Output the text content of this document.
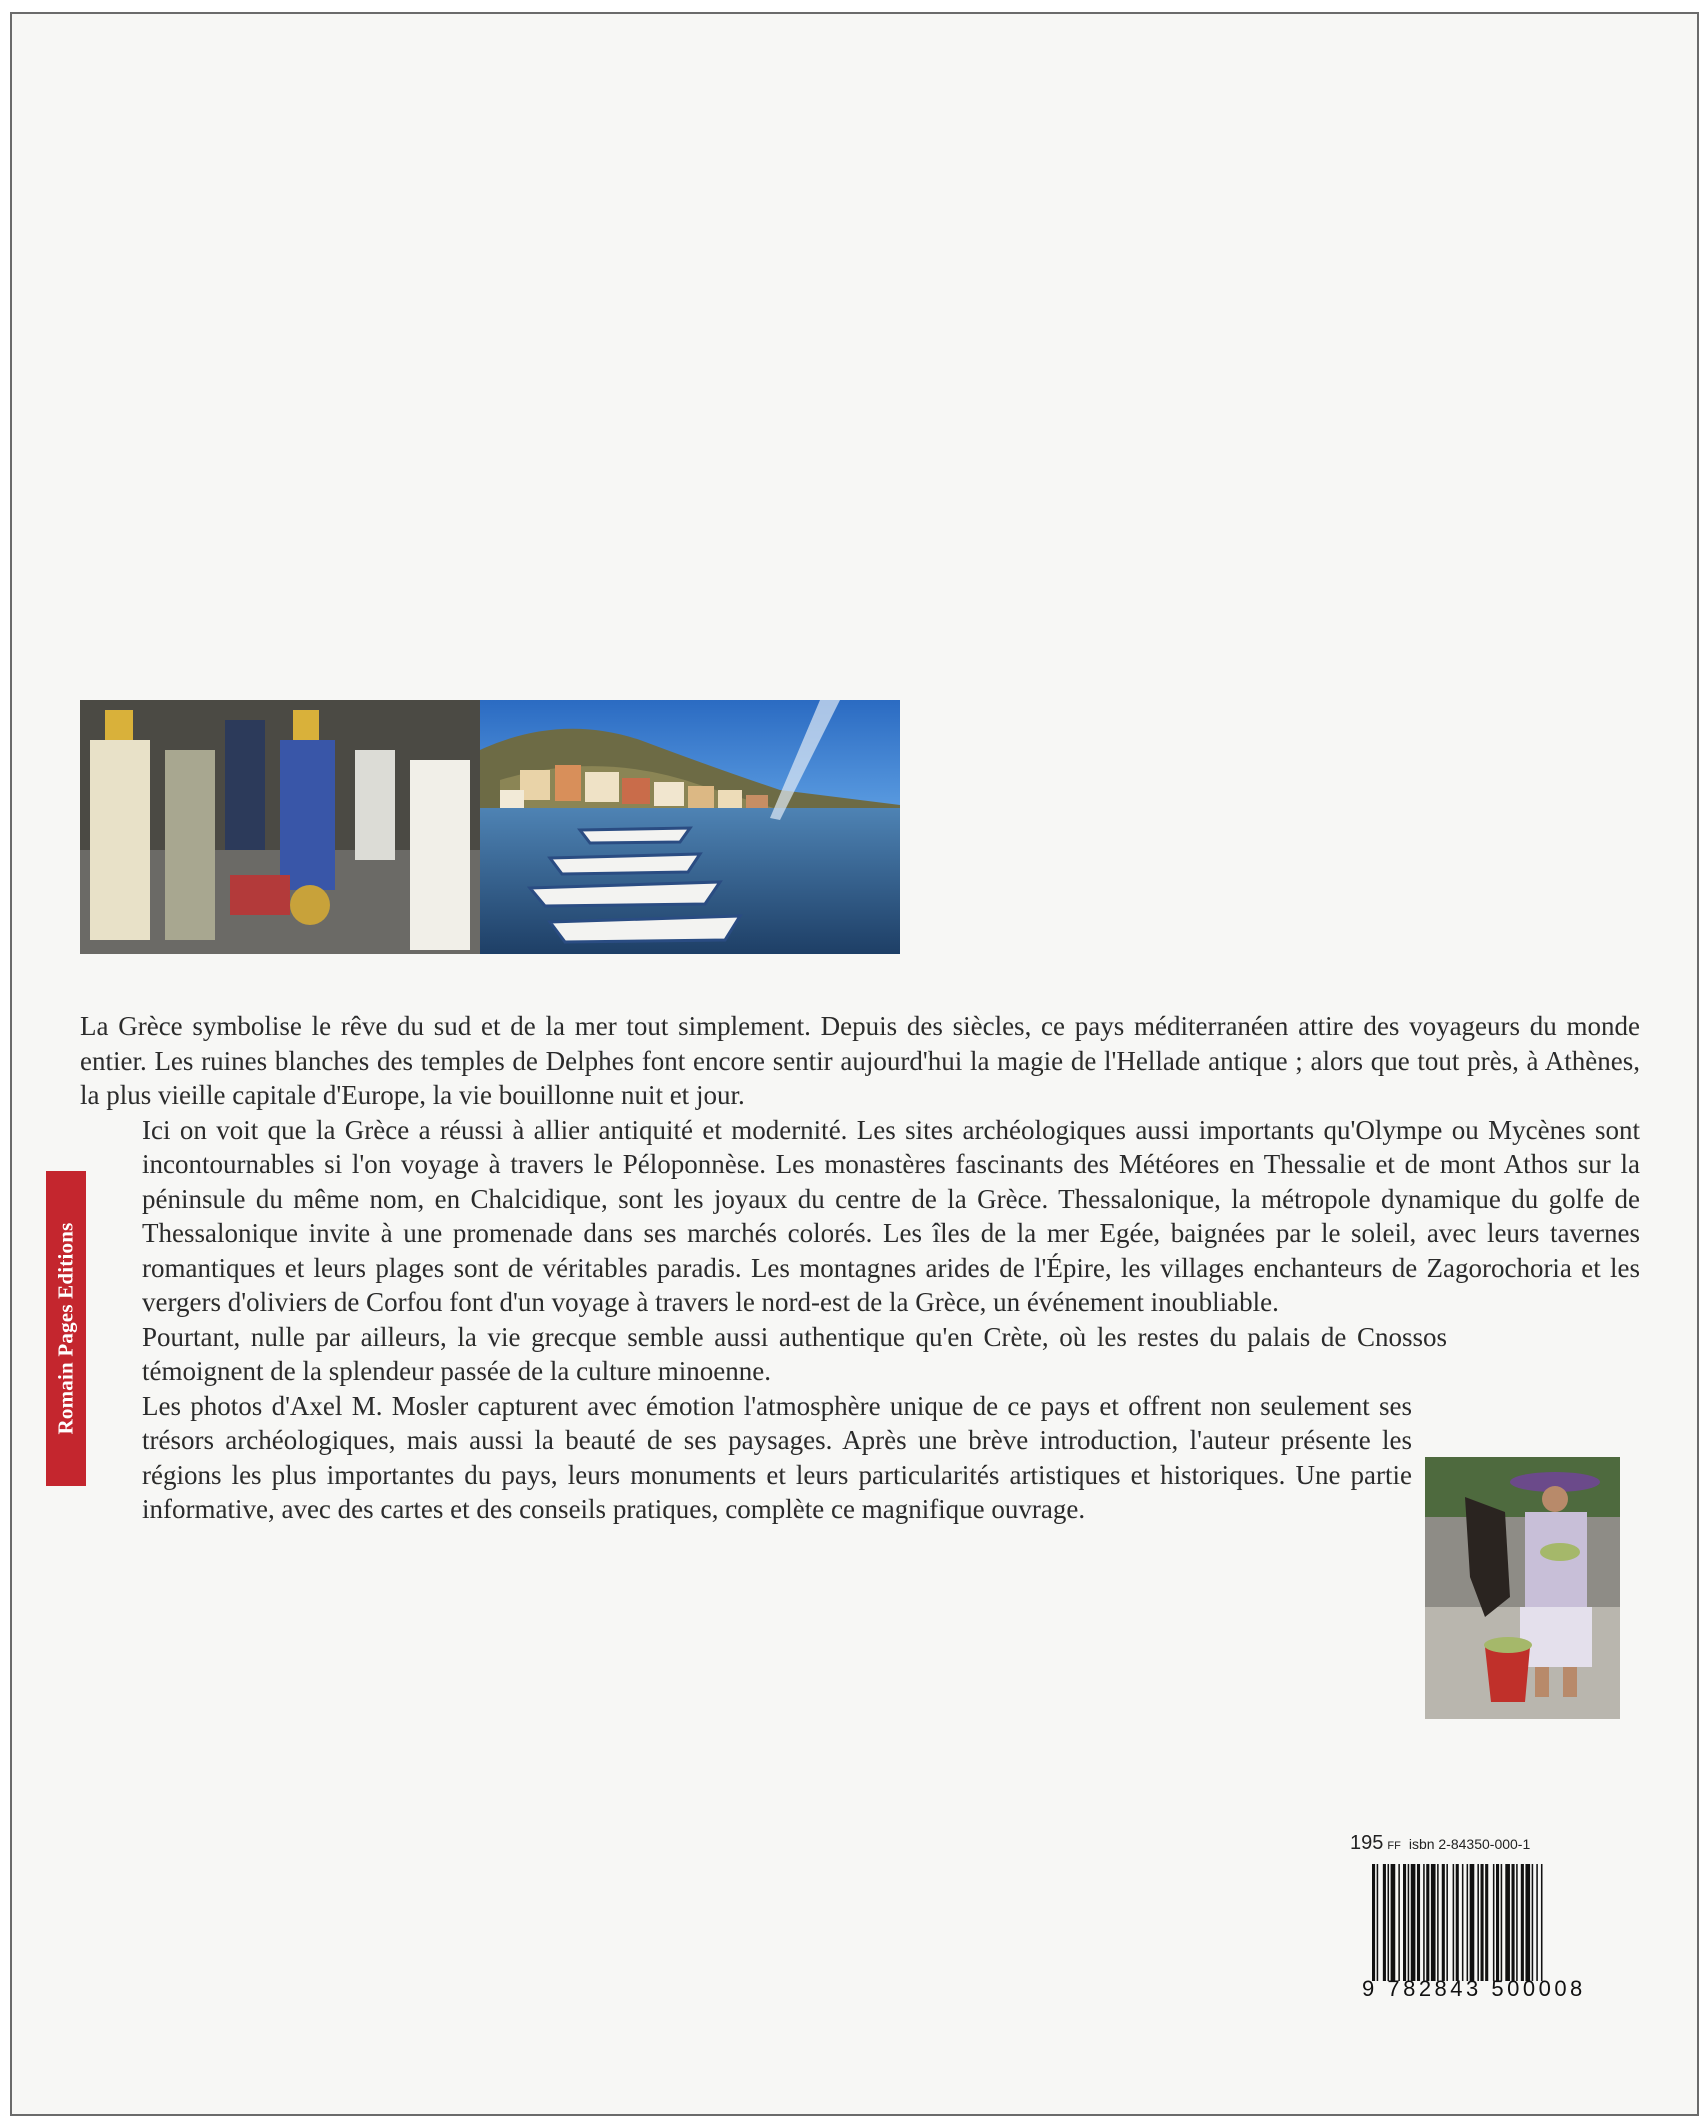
Romain Pages Editions

La Grèce symbolise le rêve du sud et de la mer tout simplement. Depuis des siècles, ce pays méditerranéen attire des voyageurs du monde entier. Les ruines blanches des temples de Delphes font encore sentir aujourd'hui la magie de l'Hellade antique ; alors que tout près, à Athènes, la plus vieille capitale d'Europe, la vie bouillonne nuit et jour.

Ici on voit que la Grèce a réussi à allier antiquité et modernité. Les sites archéologiques aussi importants qu'Olympe ou Mycènes sont incontournables si l'on voyage à travers le Péloponnèse. Les monastères fascinants des Météores en Thessalie et de mont Athos sur la péninsule du même nom, en Chalcidique, sont les joyaux du centre de la Grèce. Thessalonique, la métropole dynamique du golfe de Thessalonique invite à une promenade dans ses marchés colorés. Les îles de la mer Egée, baignées par le soleil, avec leurs tavernes romantiques et leurs plages sont de véritables paradis. Les montagnes arides de l'Épire, les villages enchanteurs de Zagorochoria et les vergers d'oliviers de Corfou font d'un voyage à travers le nord-est de la Grèce, un événement inoubliable.

Pourtant, nulle par ailleurs, la vie grecque semble aussi authentique qu'en Crète, où les restes du palais de Cnossos témoignent de la splendeur passée de la culture minoenne.

Les photos d'Axel M. Mosler capturent avec émotion l'atmosphère unique de ce pays et offrent non seulement ses trésors archéologiques, mais aussi la beauté de ses paysages. Après une brève introduction, l'auteur présente les régions les plus importantes du pays, leurs monuments et leurs particularités artistiques et historiques. Une partie informative, avec des cartes et des conseils pratiques, complète ce magnifique ouvrage.

195 FF isbn 2-84350-000-1
9 782843 500008
